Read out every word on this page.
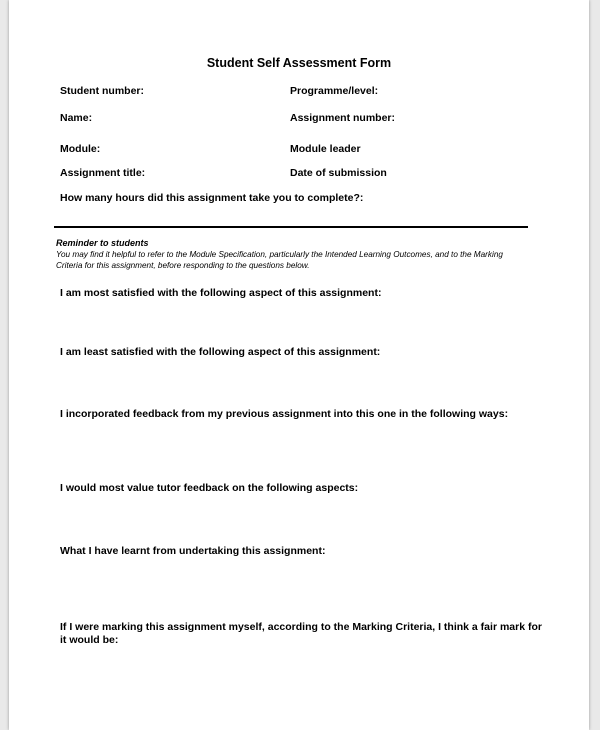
Student Self Assessment Form
Student number:	Programme/level:
Name:	Assignment number:
Module:	Module leader
Assignment title:	Date of submission
How many hours did this assignment take you to complete?:
Reminder to students
You may find it helpful to refer to the Module Specification, particularly the Intended Learning Outcomes, and to the Marking Criteria for this assignment, before responding to the questions below.
I am most satisfied with the following aspect of this assignment:
I am least satisfied with the following aspect of this assignment:
I incorporated feedback from my previous assignment into this one in the following ways:
I would most value tutor feedback on the following aspects:
What I have learnt from undertaking this assignment:
If I were marking this assignment myself, according to the Marking Criteria, I think a fair mark for it would be:
